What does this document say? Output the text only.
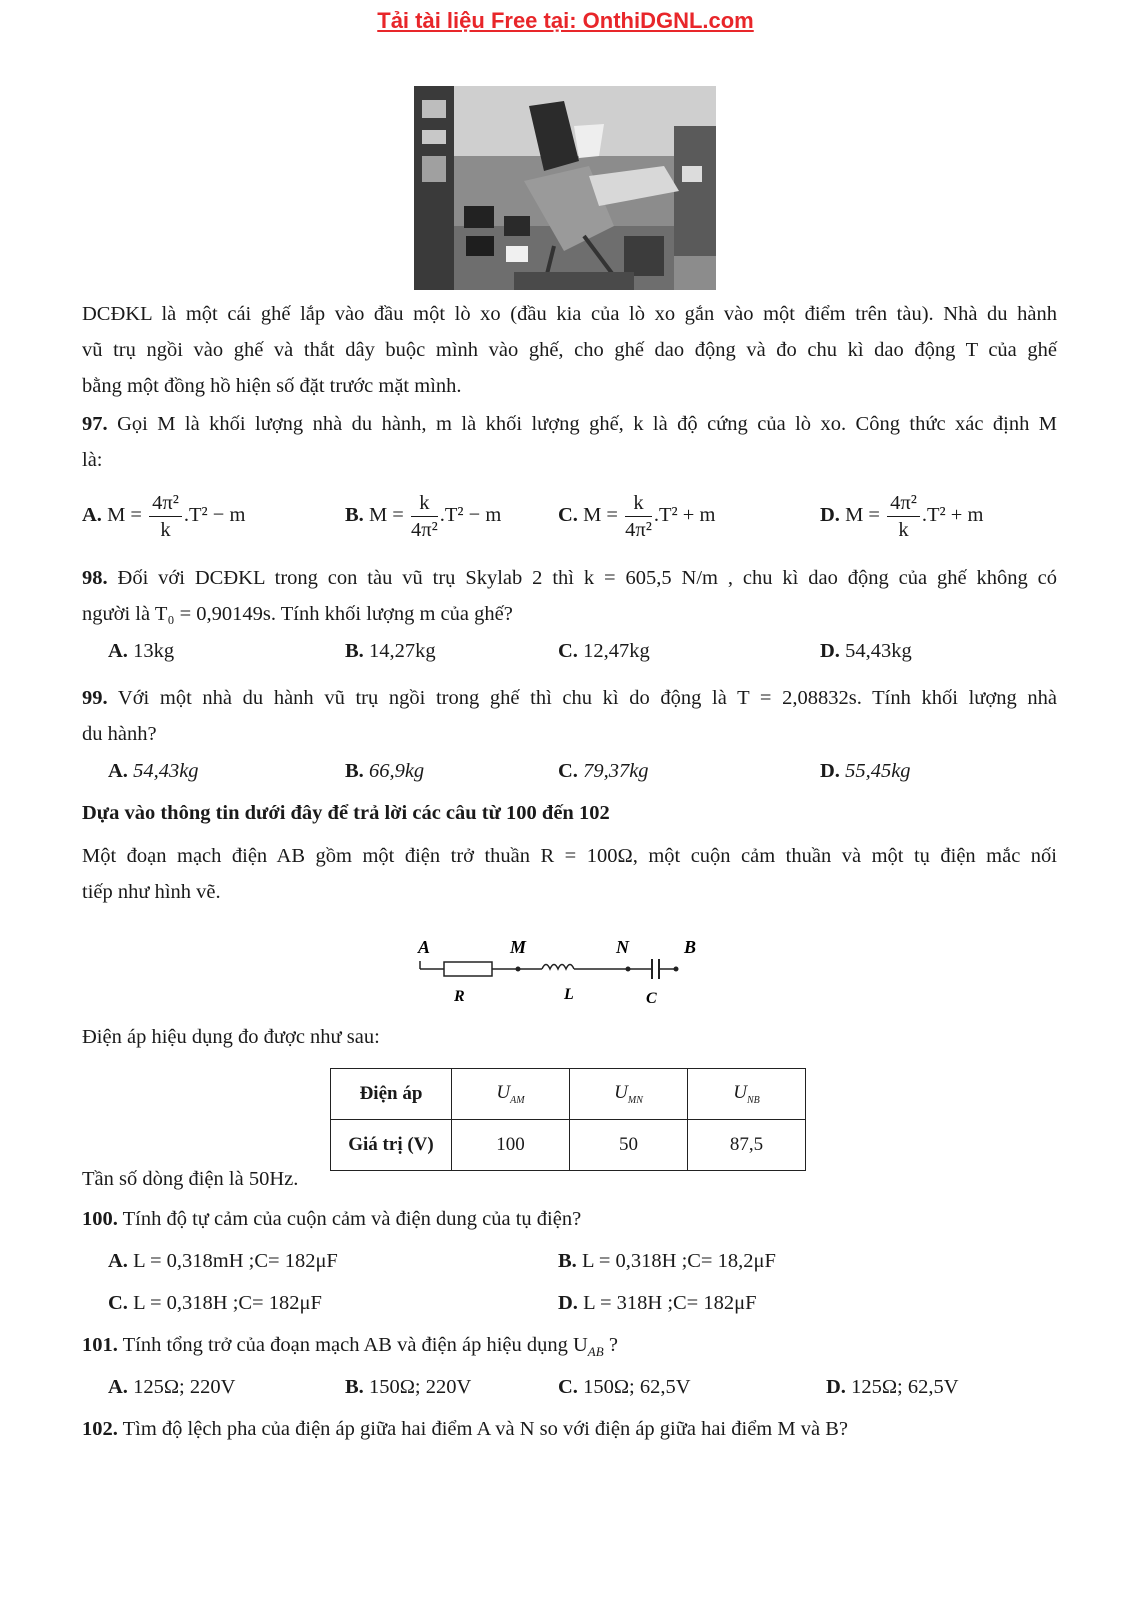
Tải tài liệu Free tại: OnthiDGNL.com
DCĐKL là một cái ghế lắp vào đầu một lò xo (đầu kia của lò xo gắn vào một điểm trên tàu). Nhà du hành
vũ trụ ngồi vào ghế và thắt dây buộc mình vào ghế, cho ghế dao động và đo chu kì dao động T của ghế
bằng một đồng hồ hiện số đặt trước mặt mình.
97. Gọi M là khối lượng nhà du hành, m là khối lượng ghế, k là độ cứng của lò xo. Công thức xác định M
là:
A. $M = \frac{\text{4π²}}{k} .T^2 - m$	B. $M = \frac{k}{\text{4π²}} .T^2 - m$	C. $M = \frac{k}{\text{4π²}} .T^2 + m$	D. $M = \frac{\text{4π²}}{k} .T^2 + m$
98. Đối với DCĐKL trong con tàu vũ trụ Skylab 2 thì k = 605,5 N/m , chu kì dao động của ghế không có
người là T₀ = 0,90149s. Tính khối lượng m của ghế?
A. 13kg	B. 14,27kg	C. 12,47kg	D. 54,43kg
99. Với một nhà du hành vũ trụ ngồi trong ghế thì chu kì do động là T = 2,08832s. Tính khối lượng nhà
du hành?
A. 54,43kg	B. 66,9kg	C. 79,37kg	D. 55,45kg
Dựa vào thông tin dưới đây để trả lời các câu từ 100 đến 102
Một đoạn mạch điện AB gồm một điện trở thuần R = 100Ω, một cuộn cảm thuần và một tụ điện mắc nối
tiếp như hình vẽ.
A	M	N	B
R	L	C
Điện áp hiệu dụng đo được như sau:
Điện áp	$U_{AM}$	$U_{MN}$	$U_{NB}$
Giá trị (V)	100	50	87,5
Tần số dòng điện là 50Hz.
100. Tính độ tự cảm của cuộn cảm và điện dung của tụ điện?
A. L = 0,318mH ;C= 182μF	B. L = 0,318H ;C= 18,2μF
C. L = 0,318H ;C= 182μF	D. L = 318H ;C= 182μF
101. Tính tổng trở của đoạn mạch AB và điện áp hiệu dụng $U_{AB}$ ?
A. 125Ω; 220V	B. 150Ω; 220V	C. 150Ω; 62,5V	D. 125Ω; 62,5V
102. Tìm độ lệch pha của điện áp giữa hai điểm A và N so với điện áp giữa hai điểm M và B?
